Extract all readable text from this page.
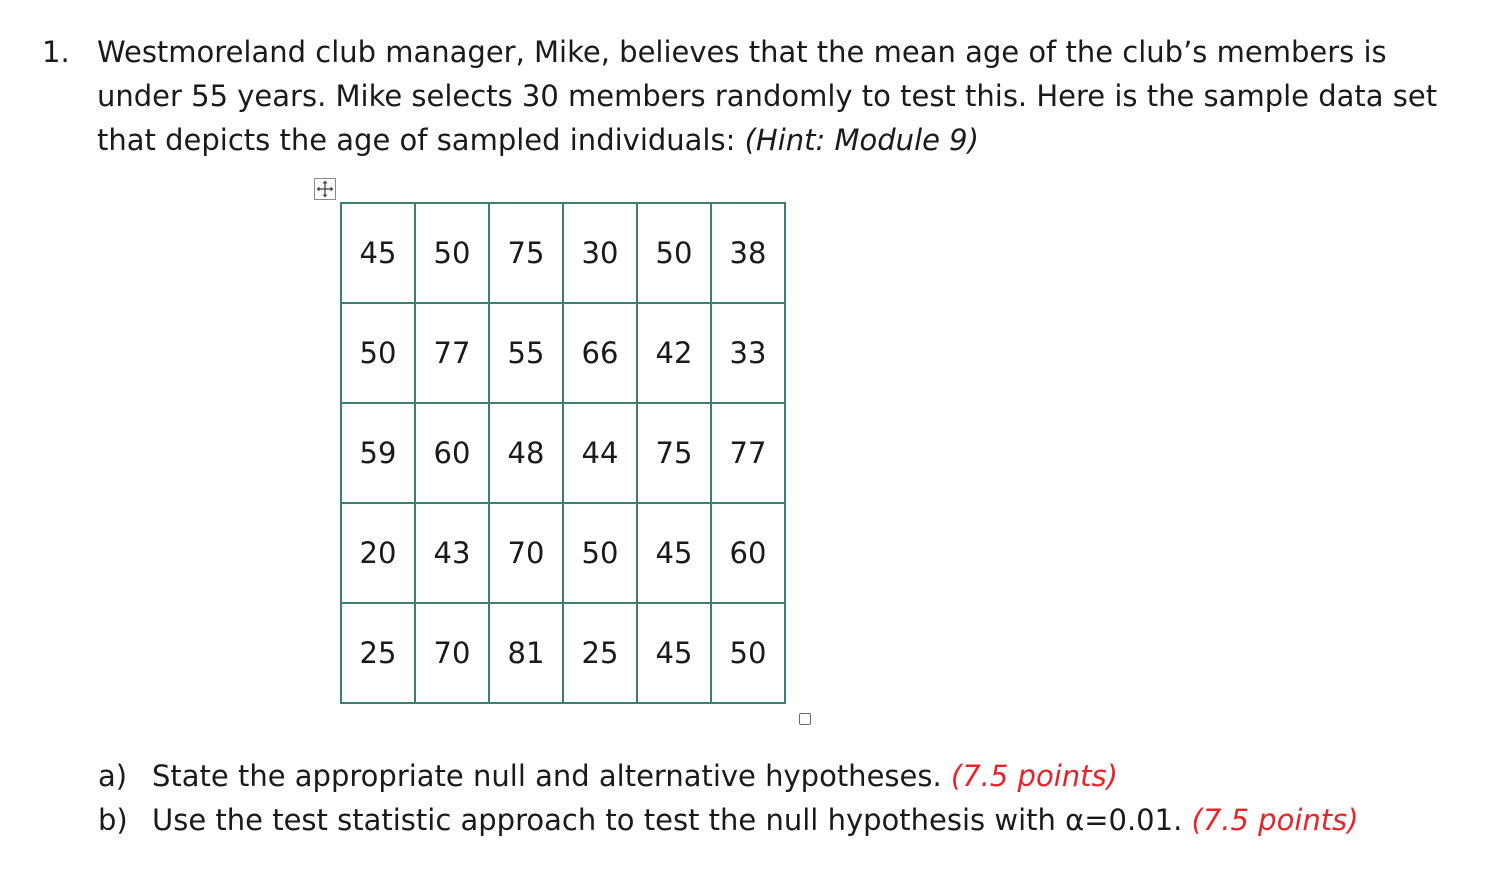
1. Westmoreland club manager, Mike, believes that the mean age of the club’s members is under 55 years. Mike selects 30 members randomly to test this. Here is the sample data set that depicts the age of sampled individuals: (Hint: Module 9)
45	50	75	30	50	38
50	77	55	66	42	33
59	60	48	44	75	77
20	43	70	50	45	60
25	70	81	25	45	50
a) State the appropriate null and alternative hypotheses. (7.5 points)
b) Use the test statistic approach to test the null hypothesis with α=0.01. (7.5 points)
